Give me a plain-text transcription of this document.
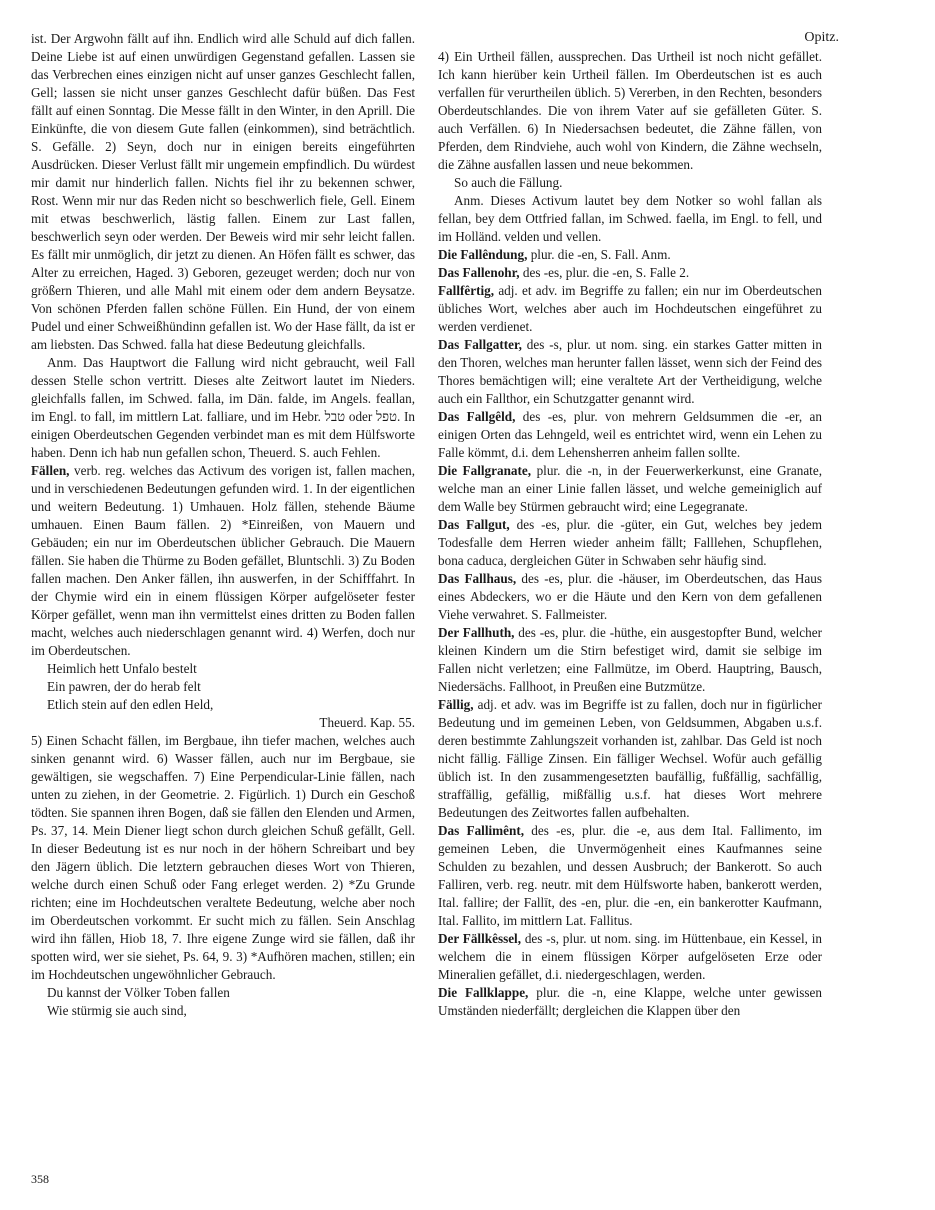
Opitz.

ist. Der Argwohn fällt auf ihn. Endlich wird alle Schuld auf dich fallen. Deine Liebe ist auf einen unwürdigen Gegenstand gefallen. Lassen sie das Verbrechen eines einzigen nicht auf unser ganzes Geschlecht fallen, Gell; lassen sie nicht unser ganzes Geschlecht dafür büßen. Das Fest fällt auf einen Sonntag. Die Messe fällt in den Winter, in den Aprill. Die Einkünfte, die von diesem Gute fallen (einkommen), sind beträchtlich. S. Gefälle. 2) Seyn, doch nur in einigen bereits eingeführten Ausdrücken. Dieser Verlust fällt mir ungemein empfindlich. Du würdest mir damit nur hinderlich fallen. Nichts fiel ihr zu bekennen schwer, Rost. Wenn mir nur das Reden nicht so beschwerlich fiele, Gell. Einem mit etwas beschwerlich, lästig fallen. Einem zur Last fallen, beschwerlich seyn oder werden. Der Beweis wird mir sehr leicht fallen. Es fällt mir unmöglich, dir jetzt zu dienen. An Höfen fällt es schwer, das Alter zu erreichen, Haged. 3) Geboren, gezeuget werden; doch nur von größern Thieren, und alle Mahl mit einem oder dem andern Beysatze. Von schönen Pferden fallen schöne Füllen. Ein Hund, der von einem Pudel und einer Schweißhündinn gefallen ist. Wo der Hase fällt, da ist er am liebsten. Das Schwed. falla hat diese Bedeutung gleichfalls.

Anm. Das Hauptwort die Fallung wird nicht gebraucht, weil Fall dessen Stelle schon vertritt. Dieses alte Zeitwort lautet im Nieders. gleichfalls fallen, im Schwed. falla, im Dän. falde, im Angels. feallan, im Engl. to fall, im mittlern Lat. falliare, und im Hebr. טבל oder טפל. In einigen Oberdeutschen Gegenden verbindet man es mit dem Hülfsworte haben. Denn ich hab nun gefallen schon, Theuerd. S. auch Fehlen.

Fällen, verb. reg. welches das Activum des vorigen ist, fallen machen, und in verschiedenen Bedeutungen gefunden wird. 1. In der eigentlichen und weitern Bedeutung. 1) Umhauen. Holz fällen, stehende Bäume umhauen. Einen Baum fällen. 2) *Einreißen, von Mauern und Gebäuden; ein nur im Oberdeutschen üblicher Gebrauch. Die Mauern fällen. Sie haben die Thürme zu Boden gefället, Bluntschli. 3) Zu Boden fallen machen. Den Anker fällen, ihn auswerfen, in der Schifffahrt. In der Chymie wird ein in einem flüssigen Körper aufgelöseter fester Körper gefället, wenn man ihn vermittelst eines dritten zu Boden fallen macht, welches auch niederschlagen genannt wird. 4) Werfen, doch nur im Oberdeutschen.

Heimlich hett Unfalo bestelt

Ein pawren, der do herab felt

Etlich stein auf den edlen Held,

Theuerd. Kap. 55.

5) Einen Schacht fällen, im Bergbaue, ihn tiefer machen, welches auch sinken genannt wird. 6) Wasser fällen, auch nur im Bergbaue, sie gewältigen, sie wegschaffen. 7) Eine Perpendicular-Linie fällen, nach unten zu ziehen, in der Geometrie. 2. Figürlich. 1) Durch ein Geschoß tödten. Sie spannen ihren Bogen, daß sie fällen den Elenden und Armen, Ps. 37, 14. Mein Diener liegt schon durch gleichen Schuß gefällt, Gell. In dieser Bedeutung ist es nur noch in der höhern Schreibart und bey den Jägern üblich. Die letztern gebrauchen dieses Wort von Thieren, welche durch einen Schuß oder Fang erleget werden. 2) *Zu Grunde richten; eine im Hochdeutschen veraltete Bedeutung, welche aber noch im Oberdeutschen vorkommt. Er sucht mich zu fällen. Sein Anschlag wird ihn fällen, Hiob 18, 7. Ihre eigene Zunge wird sie fällen, daß ihr spotten wird, wer sie siehet, Ps. 64, 9. 3) *Aufhören machen, stillen; ein im Hochdeutschen ungewöhnlicher Gebrauch.

Du kannst der Völker Toben fallen

Wie stürmig sie auch sind,

4) Ein Urtheil fällen, aussprechen. Das Urtheil ist noch nicht gefället. Ich kann hierüber kein Urtheil fällen. Im Oberdeutschen ist es auch verfallen für verurtheilen üblich. 5) Vererben, in den Rechten, besonders Oberdeutschlandes. Die von ihrem Vater auf sie gefälleten Güter. S. auch Verfällen. 6) In Niedersachsen bedeutet, die Zähne fällen, von Pferden, dem Rindviehe, auch wohl von Kindern, die Zähne wechseln, die Zähne ausfallen lassen und neue bekommen.

So auch die Fällung.

Anm. Dieses Activum lautet bey dem Notker so wohl fallan als fellan, bey dem Ottfried fallan, im Schwed. faella, im Engl. to fell, und im Holländ. velden und vellen.

Die Fallêndung, plur. die -en, S. Fall. Anm.

Das Fallenohr, des -es, plur. die -en, S. Falle 2.

Fallfêrtig, adj. et adv. im Begriffe zu fallen; ein nur im Oberdeutschen übliches Wort, welches aber auch im Hochdeutschen eingeführet zu werden verdienet.

Das Fallgatter, des -s, plur. ut nom. sing. ein starkes Gatter mitten in den Thoren, welches man herunter fallen lässet, wenn sich der Feind des Thores bemächtigen will; eine veraltete Art der Vertheidigung, welche auch ein Fallthor, ein Schutzgatter genannt wird.

Das Fallgêld, des -es, plur. von mehrern Geldsummen die -er, an einigen Orten das Lehngeld, weil es entrichtet wird, wenn ein Lehen zu Falle kömmt, d.i. dem Lehensherren anheim fallen sollte.

Die Fallgranate, plur. die -n, in der Feuerwerkerkunst, eine Granate, welche man an einer Linie fallen lässet, und welche gemeiniglich auf dem Walle bey Stürmen gebraucht wird; eine Legegranate.

Das Fallgut, des -es, plur. die -güter, ein Gut, welches bey jedem Todesfalle dem Herren wieder anheim fällt; Falllehen, Schupflehen, bona caduca, dergleichen Güter in Schwaben sehr häufig sind.

Das Fallhaus, des -es, plur. die -häuser, im Oberdeutschen, das Haus eines Abdeckers, wo er die Häute und den Kern von dem gefallenen Viehe verwahret. S. Fallmeister.

Der Fallhuth, des -es, plur. die -hüthe, ein ausgestopfter Bund, welcher kleinen Kindern um die Stirn befestiget wird, damit sie selbige im Fallen nicht verletzen; eine Fallmütze, im Oberd. Hauptring, Bausch, Niedersächs. Fallhoot, in Preußen eine Butzmütze.

Fällig, adj. et adv. was im Begriffe ist zu fallen, doch nur in figürlicher Bedeutung und im gemeinen Leben, von Geldsummen, Abgaben u.s.f. deren bestimmte Zahlungszeit vorhanden ist, zahlbar. Das Geld ist noch nicht fällig. Fällige Zinsen. Ein fälliger Wechsel. Wofür auch gefällig üblich ist. In den zusammengesetzten baufällig, fußfällig, sachfällig, straffällig, gefällig, mißfällig u.s.f. hat dieses Wort mehrere Bedeutungen des Zeitwortes fallen aufbehalten.

Das Fallimênt, des -es, plur. die -e, aus dem Ital. Fallimento, im gemeinen Leben, die Unvermögenheit eines Kaufmannes seine Schulden zu bezahlen, und dessen Ausbruch; der Bankerott. So auch Falliren, verb. reg. neutr. mit dem Hülfsworte haben, bankerott werden, Ital. fallire; der Fallīt, des -en, plur. die -en, ein bankerotter Kaufmann, Ital. Fallito, im mittlern Lat. Fallitus.

Der Fällkêssel, des -s, plur. ut nom. sing. im Hüttenbaue, ein Kessel, in welchem die in einem flüssigen Körper aufgelöseten Erze oder Mineralien gefället, d.i. niedergeschlagen, werden.

Die Fallklappe, plur. die -n, eine Klappe, welche unter gewissen Umständen niederfällt; dergleichen die Klappen über den

358
